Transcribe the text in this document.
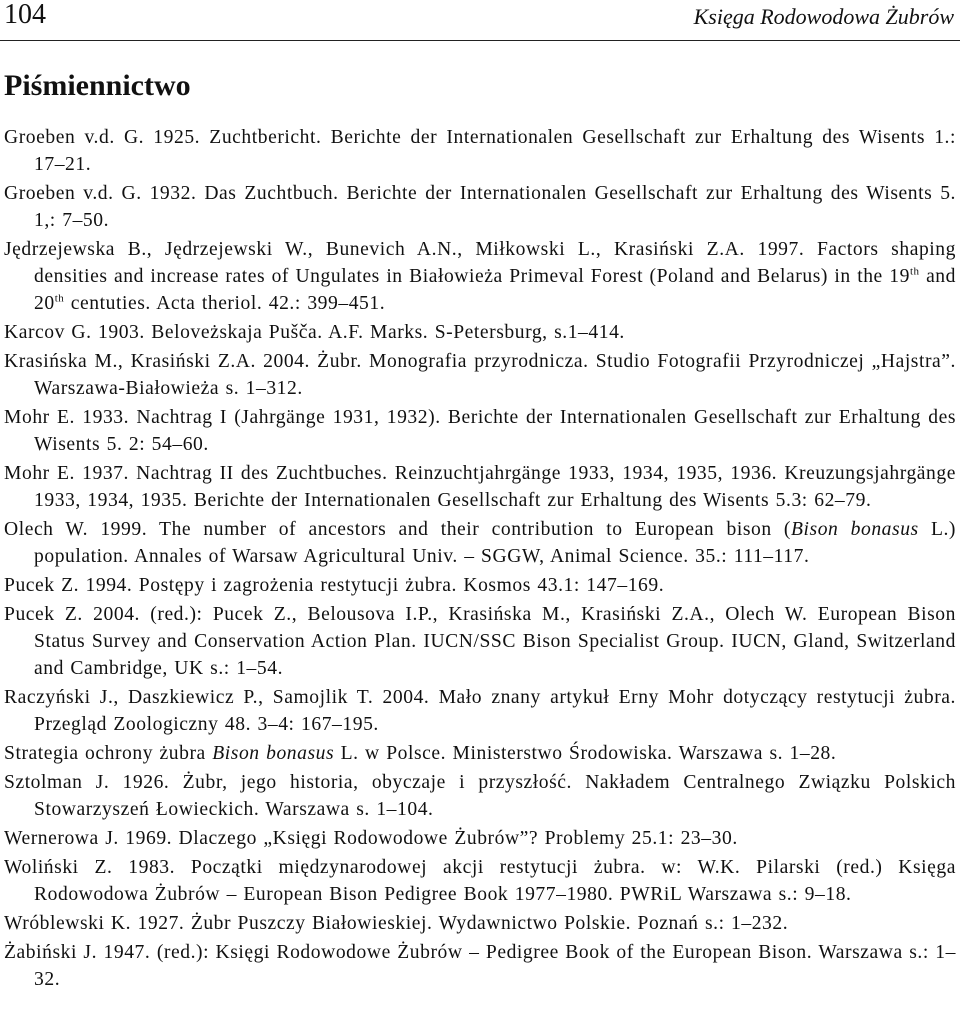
104	Księga Rodowodowa Żubrów
Piśmiennictwo

Groeben v.d. G. 1925. Zuchtbericht. Berichte der Internationalen Gesellschaft zur Erhaltung des Wisents 1.: 17–21.

Groeben v.d. G. 1932. Das Zuchtbuch. Berichte der Internationalen Gesellschaft zur Erhaltung des Wisents 5. 1,: 7–50.

Jędrzejewska B., Jędrzejewski W., Bunevich A.N., Miłkowski L., Krasiński Z.A. 1997. Factors shaping densities and increase rates of Ungulates in Białowieża Primeval Forest (Poland and Belarus) in the 19th and 20th centuties. Acta theriol. 42.: 399–451.

Karcov G. 1903. Beloveżskaja Pušča. A.F. Marks. S-Petersburg, s.1–414.

Krasińska M., Krasiński Z.A. 2004. Żubr. Monografia przyrodnicza. Studio Fotografii Przyrodniczej „Hajstra”. Warszawa-Białowieża s. 1–312.

Mohr E. 1933. Nachtrag I (Jahrgänge 1931, 1932). Berichte der Internationalen Gesellschaft zur Erhaltung des Wisents 5. 2: 54–60.

Mohr E. 1937. Nachtrag II des Zuchtbuches. Reinzuchtjahrgänge 1933, 1934, 1935, 1936. Kreuzungsjahrgänge 1933, 1934, 1935. Berichte der Internationalen Gesellschaft zur Erhaltung des Wisents 5.3: 62–79.

Olech W. 1999. The number of ancestors and their contribution to European bison (Bison bonasus L.) population. Annales of Warsaw Agricultural Univ. – SGGW, Animal Science. 35.: 111–117.

Pucek Z. 1994. Postępy i zagrożenia restytucji żubra. Kosmos 43.1: 147–169.

Pucek Z. 2004. (red.): Pucek Z., Belousova I.P., Krasińska M., Krasiński Z.A., Olech W. European Bison Status Survey and Conservation Action Plan. IUCN/SSC Bison Specialist Group. IUCN, Gland, Switzerland and Cambridge, UK s.: 1–54.

Raczyński J., Daszkiewicz P., Samojlik T. 2004. Mało znany artykuł Erny Mohr dotyczący restytucji żubra. Przegląd Zoologiczny 48. 3–4: 167–195.

Strategia ochrony żubra Bison bonasus L. w Polsce. Ministerstwo Środowiska. Warszawa s. 1–28.

Sztolman J. 1926. Żubr, jego historia, obyczaje i przyszłość. Nakładem Centralnego Związku Polskich Stowarzyszeń Łowieckich. Warszawa s. 1–104.

Wernerowa J. 1969. Dlaczego „Księgi Rodowodowe Żubrów”? Problemy 25.1: 23–30.

Woliński Z. 1983. Początki międzynarodowej akcji restytucji żubra. w: W.K. Pilarski (red.) Księga Rodowodowa Żubrów – European Bison Pedigree Book 1977–1980. PWRiL Warszawa s.: 9–18.

Wróblewski K. 1927. Żubr Puszczy Białowieskiej. Wydawnictwo Polskie. Poznań s.: 1–232.

Żabiński J. 1947. (red.): Księgi Rodowodowe Żubrów – Pedigree Book of the European Bison. Warszawa s.: 1–32.
